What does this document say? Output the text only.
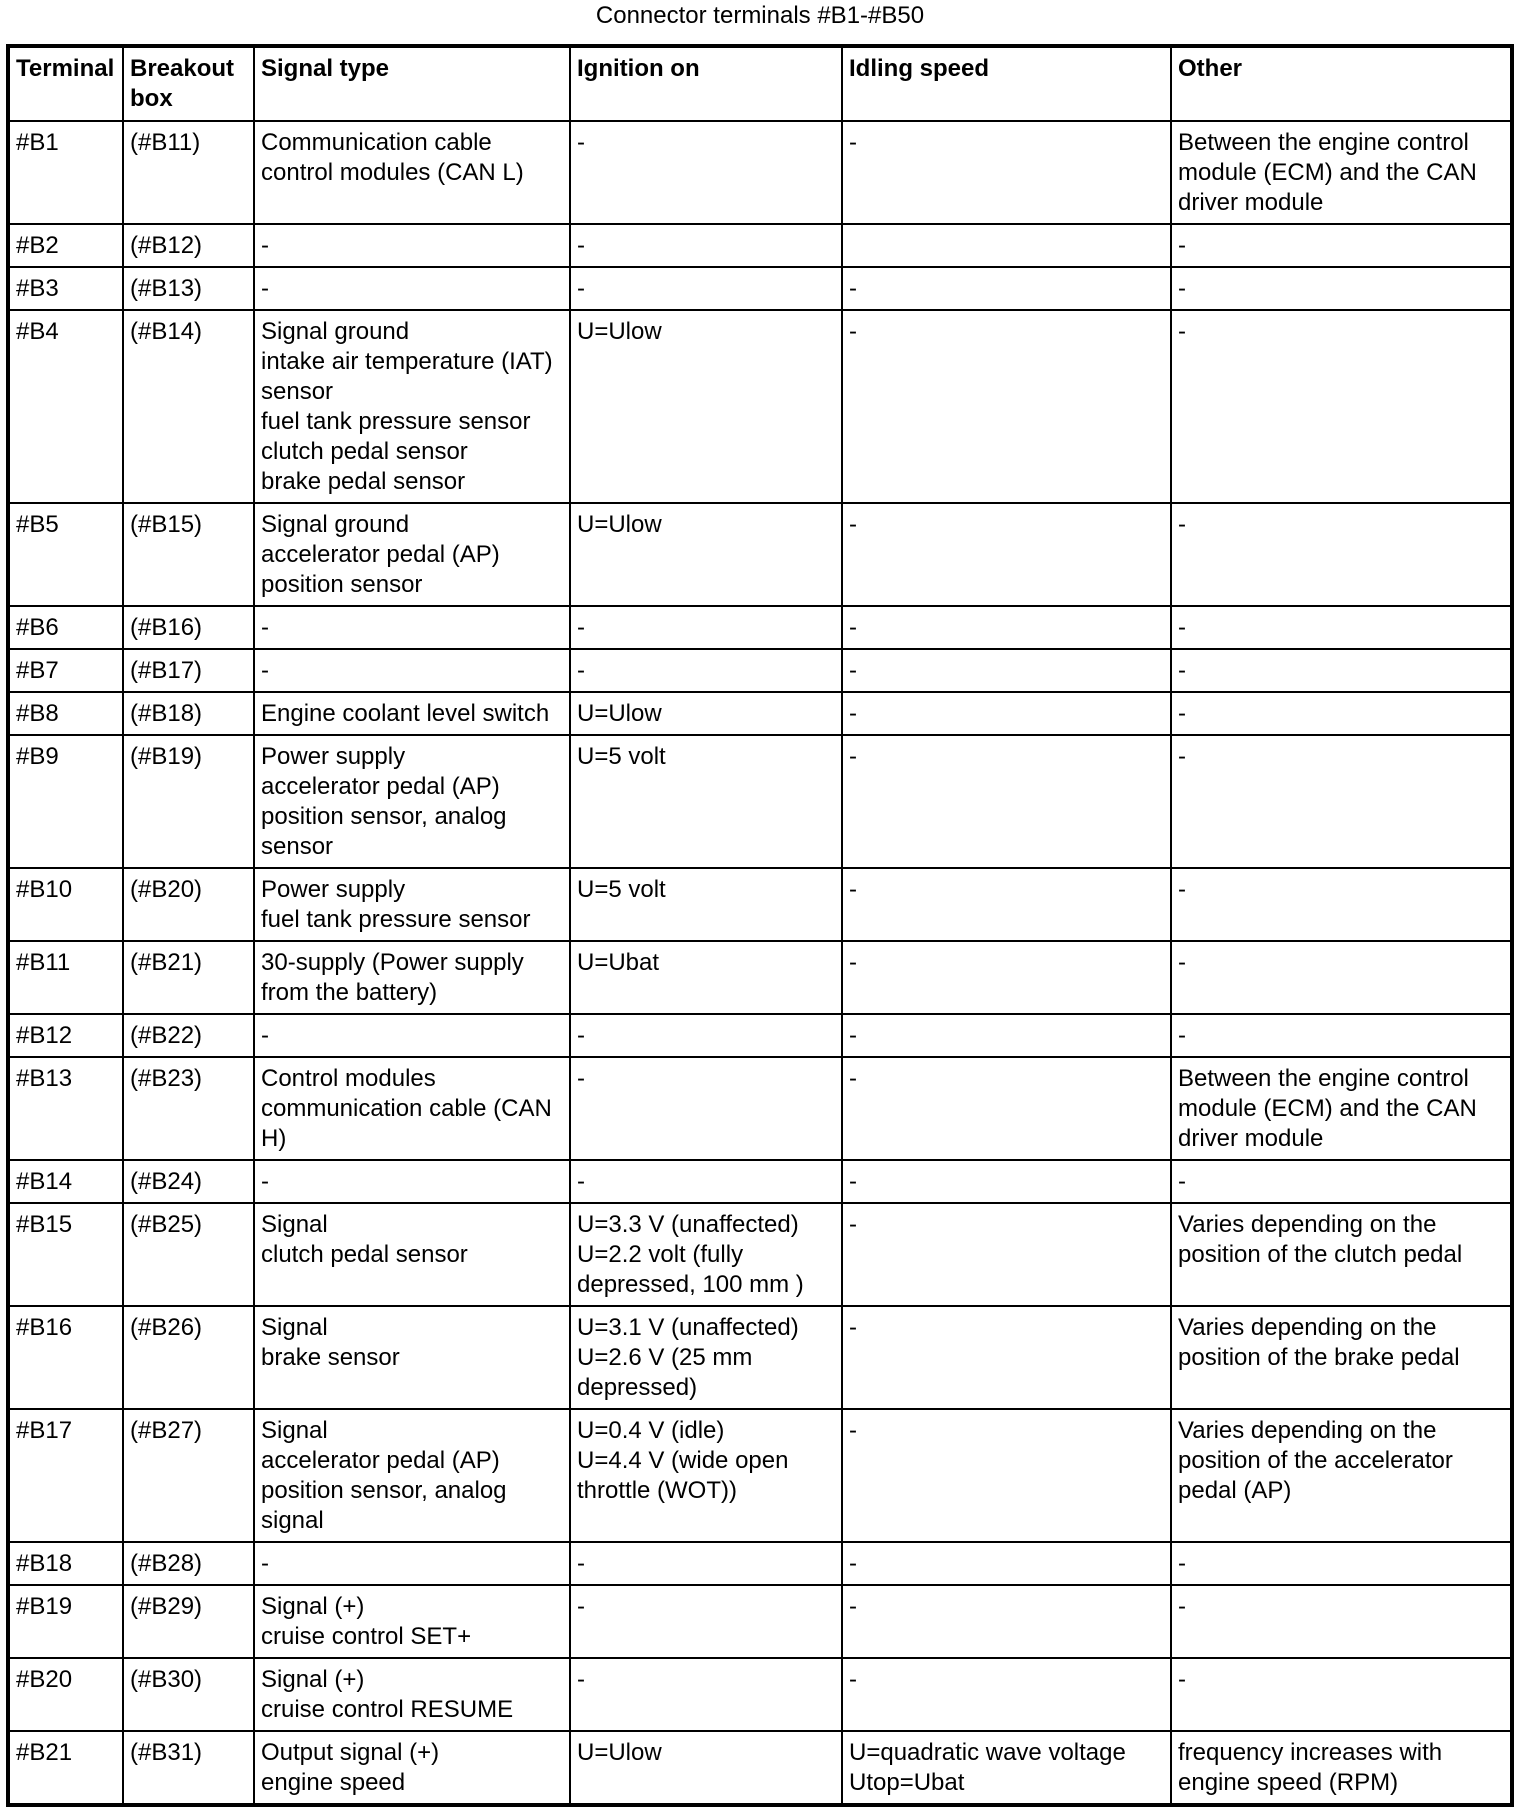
Connector terminals #B1-#B50
Terminal	Breakout box	Signal type	Ignition on	Idling speed	Other
#B1	(#B11)	Communication cable control modules (CAN L)	-	-	Between the engine control module (ECM) and the CAN driver module
#B2	(#B12)	-	-		-
#B3	(#B13)	-	-	-	-
#B4	(#B14)	Signal ground
intake air temperature (IAT) sensor
fuel tank pressure sensor
clutch pedal sensor
brake pedal sensor	U=Ulow	-	-
#B5	(#B15)	Signal ground
accelerator pedal (AP) position sensor	U=Ulow	-	-
#B6	(#B16)	-	-	-	-
#B7	(#B17)	-	-	-	-
#B8	(#B18)	Engine coolant level switch	U=Ulow	-	-
#B9	(#B19)	Power supply
accelerator pedal (AP) position sensor, analog sensor	U=5 volt	-	-
#B10	(#B20)	Power supply
fuel tank pressure sensor	U=5 volt	-	-
#B11	(#B21)	30-supply (Power supply from the battery)	U=Ubat	-	-
#B12	(#B22)	-	-	-	-
#B13	(#B23)	Control modules communication cable (CAN H)	-	-	Between the engine control module (ECM) and the CAN driver module
#B14	(#B24)	-	-	-	-
#B15	(#B25)	Signal
clutch pedal sensor	U=3.3 V (unaffected)
U=2.2 volt (fully depressed, 100 mm )	-	Varies depending on the position of the clutch pedal
#B16	(#B26)	Signal
brake sensor	U=3.1 V (unaffected)
U=2.6 V (25 mm depressed)	-	Varies depending on the position of the brake pedal
#B17	(#B27)	Signal
accelerator pedal (AP) position sensor, analog signal	U=0.4 V (idle)
U=4.4 V (wide open throttle (WOT))	-	Varies depending on the position of the accelerator pedal (AP)
#B18	(#B28)	-	-	-	-
#B19	(#B29)	Signal (+)
cruise control SET+	-	-	-
#B20	(#B30)	Signal (+)
cruise control RESUME	-	-	-
#B21	(#B31)	Output signal (+)
engine speed	U=Ulow	U=quadratic wave voltage
Utop=Ubat	frequency increases with engine speed (RPM)
